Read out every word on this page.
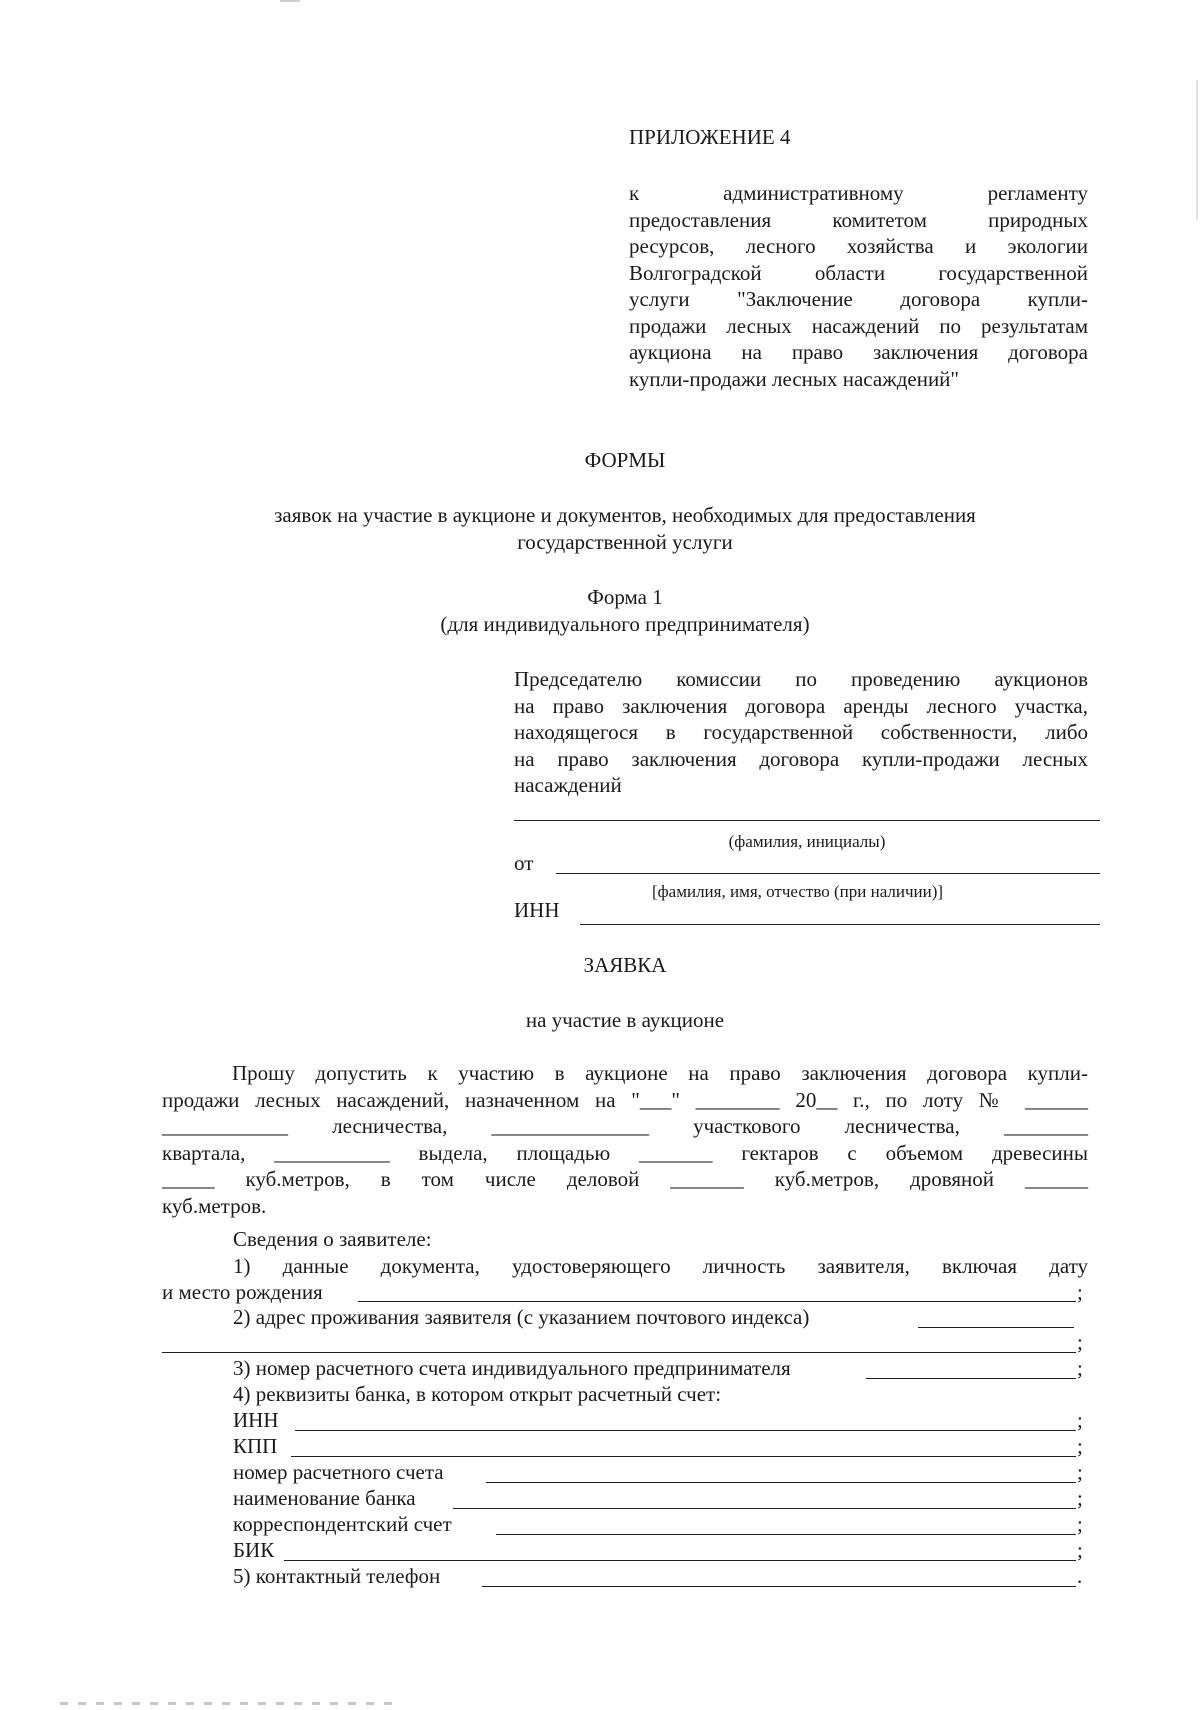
ПРИЛОЖЕНИЕ 4
к административному регламенту
предоставления комитетом природных
ресурсов, лесного хозяйства и экологии
Волгоградской области государственной
услуги "Заключение договора купли-
продажи лесных насаждений по результатам
аукциона на право заключения договора
купли-продажи лесных насаждений"
ФОРМЫ
заявок на участие в аукционе и документов, необходимых для предоставления
государственной услуги
Форма 1
(для индивидуального предпринимателя)
Председателю комиссии по проведению аукционов
на право заключения договора аренды лесного участка,
находящегося в государственной собственности, либо
на право заключения договора купли-продажи лесных
насаждений
(фамилия, инициалы)
от
[фамилия, имя, отчество (при наличии)]
ИНН
ЗАЯВКА
на участие в аукционе
Прошу допустить к участию в аукционе на право заключения договора купли-
продажи лесных насаждений, назначенном на "___" ________ 20__ г., по лоту № ______
____________ лесничества, _______________ участкового лесничества, ________
квартала, ___________ выдела, площадью _______ гектаров с объемом древесины
_____ куб.метров, в том числе деловой _______ куб.метров, дровяной ______
куб.метров.
Сведения о заявителе:
1) данные документа, удостоверяющего личность заявителя, включая дату
и место рождения	;
2) адрес проживания заявителя (с указанием почтового индекса)
;
3) номер расчетного счета индивидуального предпринимателя	;
4) реквизиты банка, в котором открыт расчетный счет:
ИНН	;
КПП	;
номер расчетного счета	;
наименование банка	;
корреспондентский счет	;
БИК	;
5) контактный телефон	.
